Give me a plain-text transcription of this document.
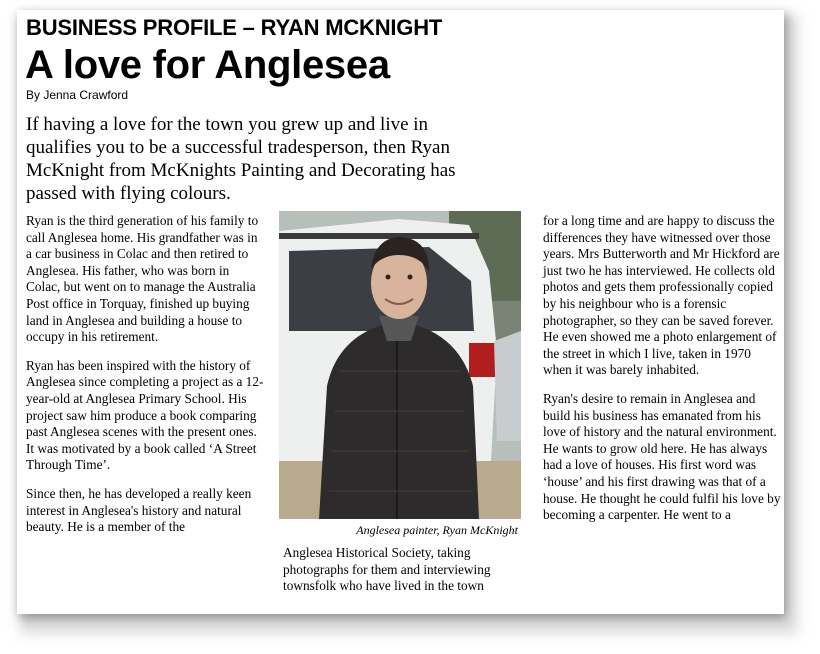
BUSINESS PROFILE – RYAN MCKNIGHT
A love for Anglesea
By Jenna Crawford

If having a love for the town you grew up and live in qualifies you to be a successful tradesperson, then Ryan McKnight from McKnights Painting and Decorating has passed with flying colours.

Ryan is the third generation of his family to call Anglesea home. His grandfather was in a car business in Colac and then retired to Anglesea. His father, who was born in Colac, but went on to manage the Australia Post office in Torquay, finished up buying land in Anglesea and building a house to occupy in his retirement.

Ryan has been inspired with the history of Anglesea since completing a project as a 12-year-old at Anglesea Primary School. His project saw him produce a book comparing past Anglesea scenes with the present ones. It was motivated by a book called ‘A Street Through Time’.

Since then, he has developed a really keen interest in Anglesea's history and natural beauty. He is a member of the	Anglesea painter, Ryan McKnight

Anglesea Historical Society, taking photographs for them and interviewing townsfolk who have lived in the town

for a long time and are happy to discuss the differences they have witnessed over those years. Mrs Butterworth and Mr Hickford are just two he has interviewed. He collects old photos and gets them professionally copied by his neighbour who is a forensic photographer, so they can be saved forever. He even showed me a photo enlargement of the street in which I live, taken in 1970 when it was barely inhabited.

Ryan's desire to remain in Anglesea and build his business has emanated from his love of history and the natural environment. He wants to grow old here. He has always had a love of houses. His first word was ‘house’ and his first drawing was that of a house. He thought he could fulfil his love by becoming a carpenter. He went to a
